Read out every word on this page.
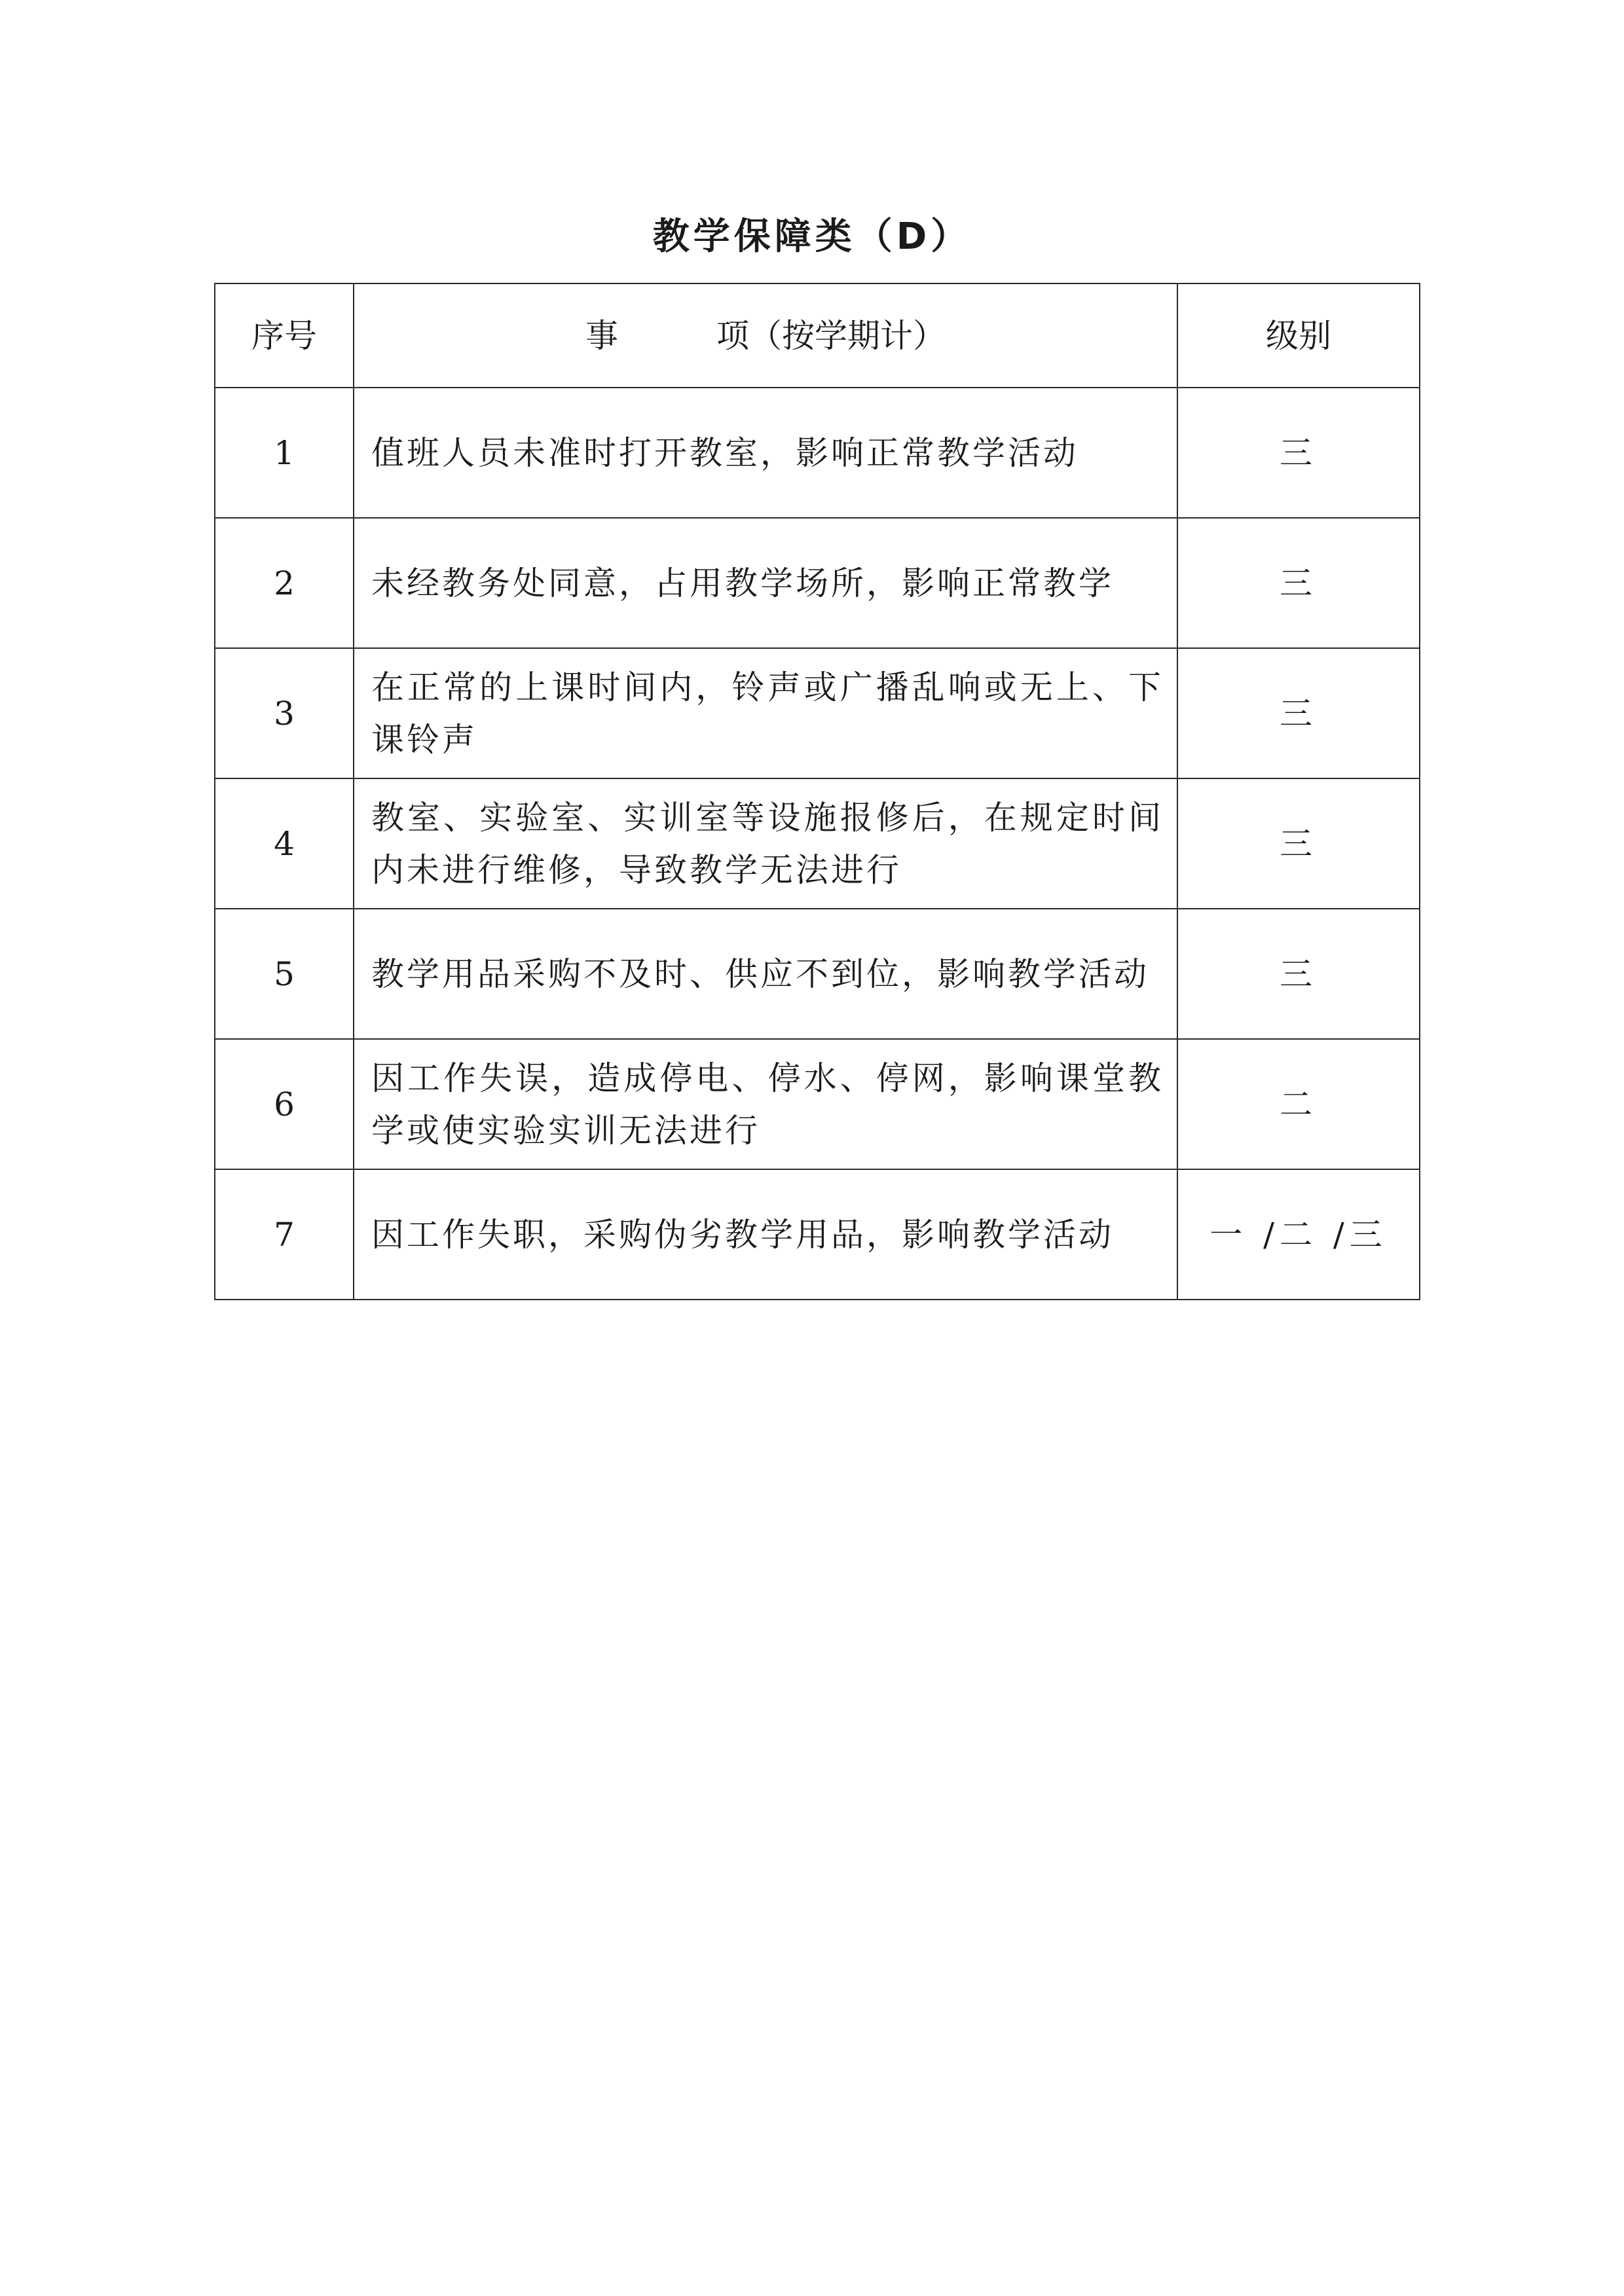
教学保障类（D）
序号	事 项（按学期计）	级别
1	值班人员未准时打开教室，影响正常教学活动	三
2	未经教务处同意，占用教学场所，影响正常教学	三
3	在正常的上课时间内，铃声或广播乱响或无上、下课铃声	三
4	教室、实验室、实训室等设施报修后，在规定时间内未进行维修，导致教学无法进行	三
5	教学用品采购不及时、供应不到位，影响教学活动	三
6	因工作失误，造成停电、停水、停网，影响课堂教学或使实验实训无法进行	二
7	因工作失职，采购伪劣教学用品，影响教学活动	一 /二 /三
